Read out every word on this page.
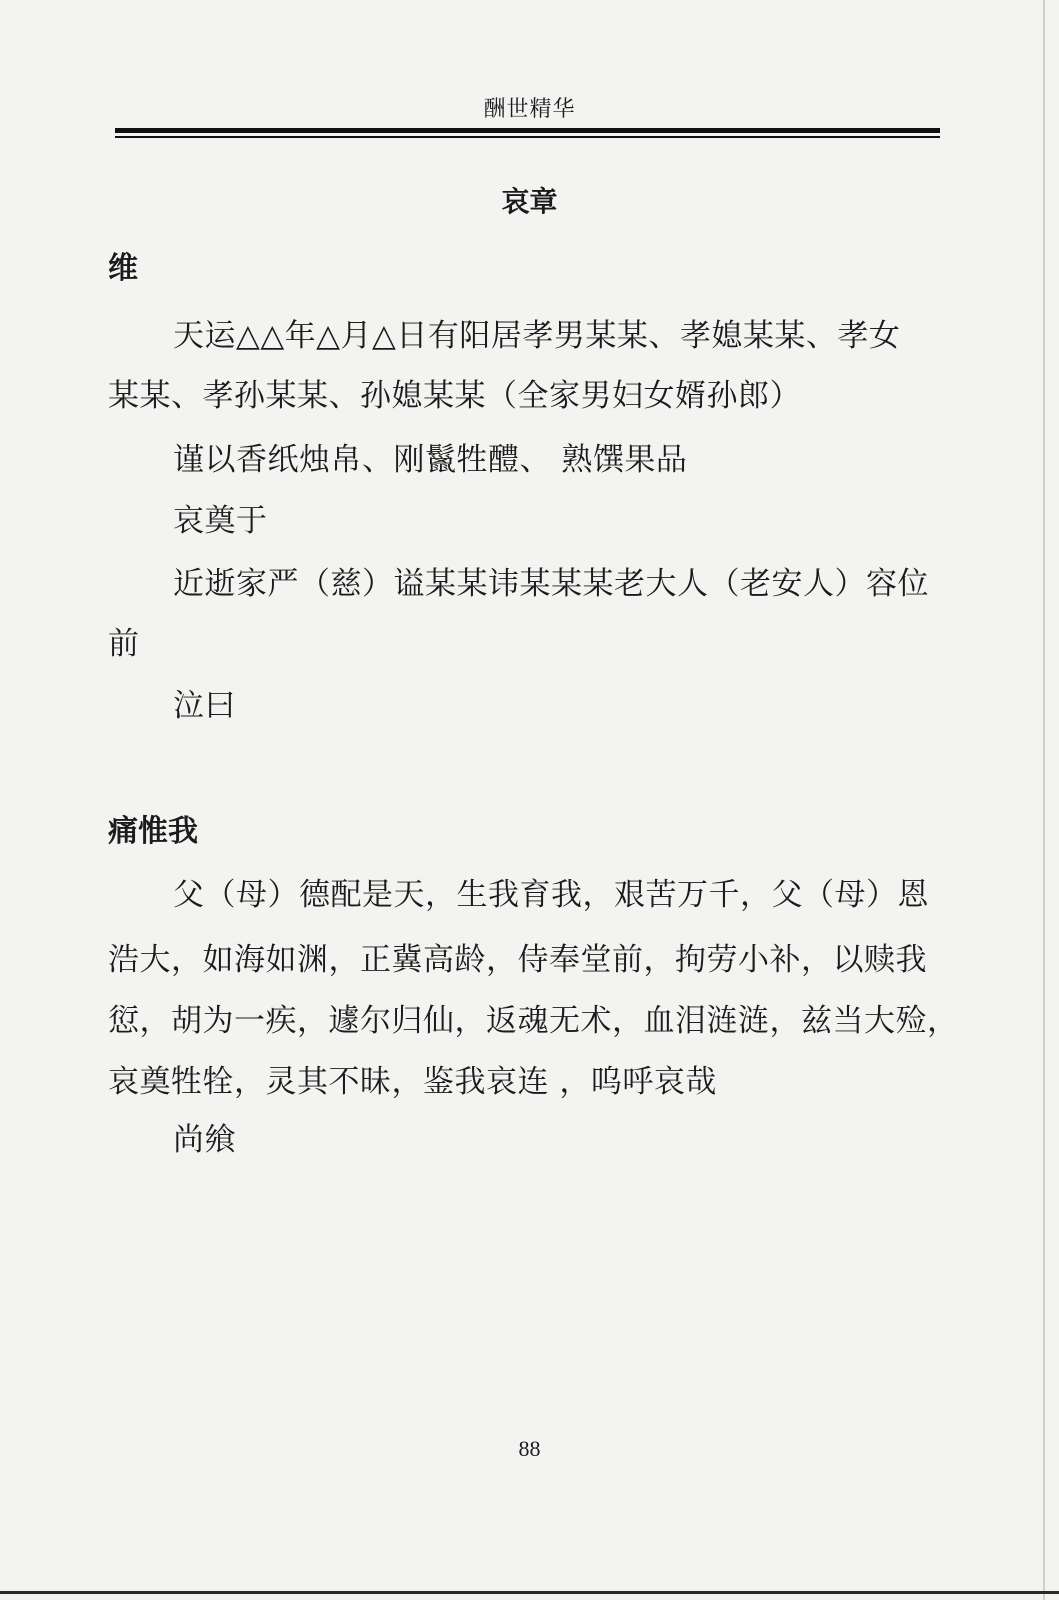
酬世精华
哀章
维
天运△△年△月△日有阳居孝男某某、孝媳某某、孝女
某某、孝孙某某、孙媳某某（全家男妇女婿孙郎）
谨以香纸烛帛、刚鬣牲醴、 熟馔果品
哀奠于
近逝家严（慈）谥某某讳某某某老大人（老安人）容位
前
泣曰
痛惟我
父（母）德配是天，生我育我，艰苦万千，父（母）恩
浩大，如海如渊，正冀高龄，侍奉堂前，拘劳小补，以赎我
愆，胡为一疾，遽尔归仙，返魂无术，血泪涟涟，兹当大殓，
哀奠牲牷，灵其不昧，鉴我哀连 ，呜呼哀哉
尚飨
88
